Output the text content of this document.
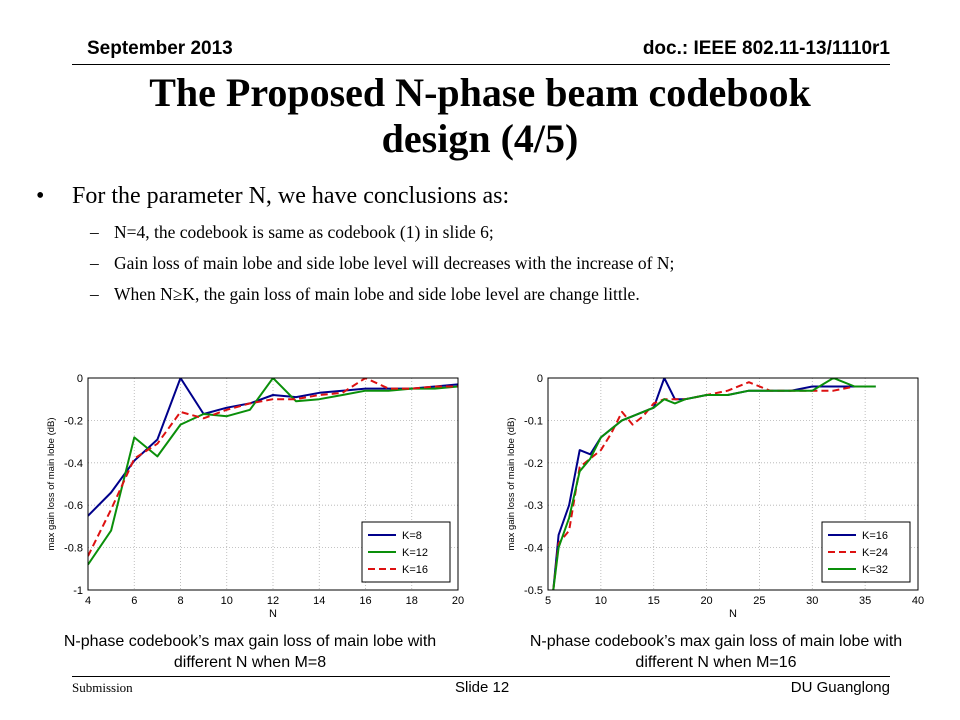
September 2013	doc.: IEEE 802.11-13/1110r1
The Proposed N-phase beam codebook
design (4/5)
•	For the parameter N, we have conclusions as:
– N=4, the codebook is same as codebook (1) in slide 6;
– Gain loss of main lobe and side lobe level will decreases with the increase of N;
– When N≥K, the gain loss of main lobe and side lobe level are change little.
4	6	8	10	12	14	16	18	20
0
-0.2
-0.4
-0.6
-0.8
-1
N
max gain loss of main lobe (dB)	K=8
K=12
K=16
5	10	15	20	25	30	35	40
0
-0.1
-0.2
-0.3
-0.4
-0.5
N
max gain loss of main lobe (dB)	K=16
K=24
K=32
N-phase codebook’s max gain loss of main lobe with different N when M=8
N-phase codebook’s max gain loss of main lobe with different N when M=16
Submission	Slide 12	DU Guanglong
